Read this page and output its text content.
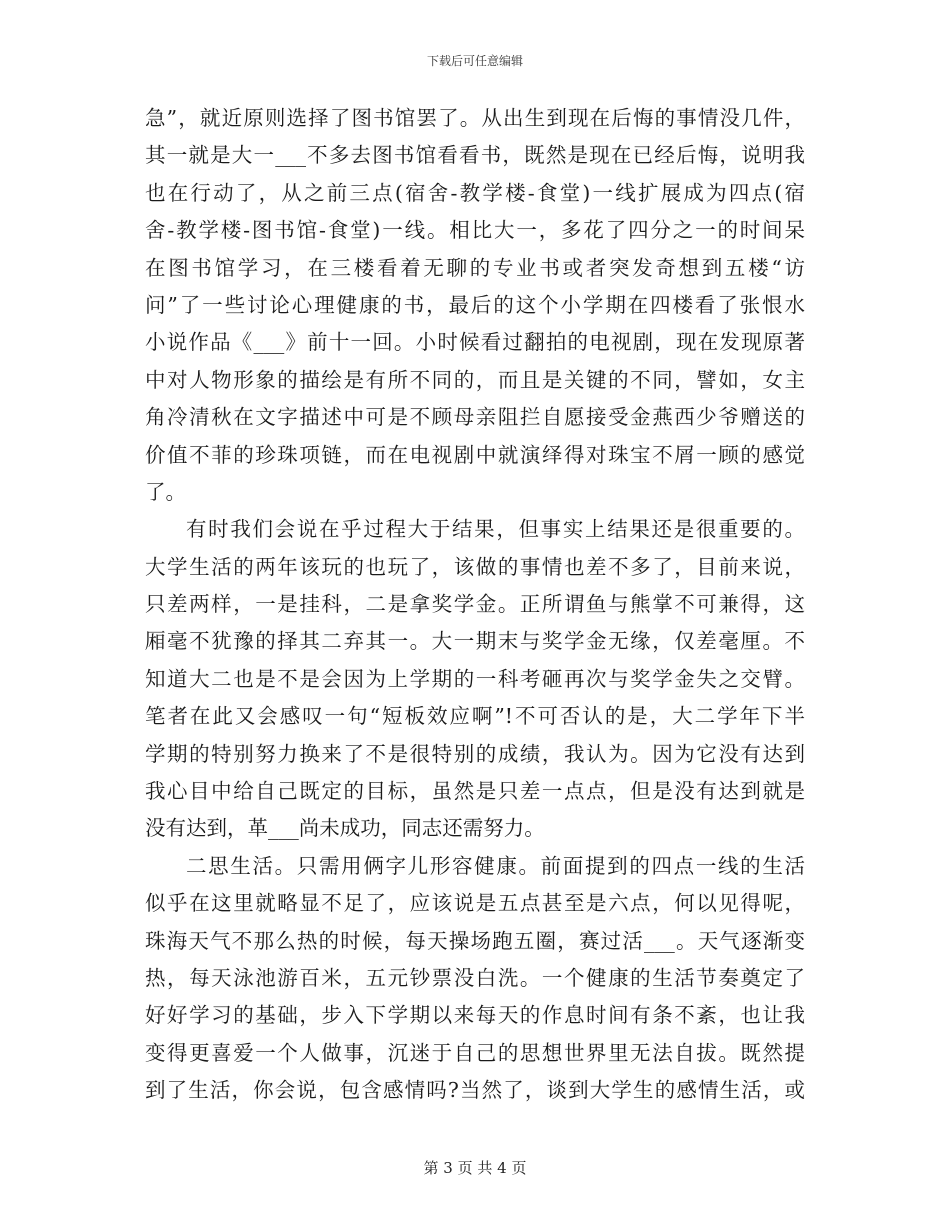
下载后可任意编辑
急”，就近原则选择了图书馆罢了。从出生到现在后悔的事情没几件，
其一就是大一___不多去图书馆看看书，既然是现在已经后悔，说明我
也在行动了，从之前三点(宿舍-教学楼-食堂)一线扩展成为四点(宿
舍-教学楼-图书馆-食堂)一线。相比大一，多花了四分之一的时间呆
在图书馆学习，在三楼看着无聊的专业书或者突发奇想到五楼“访
问”了一些讨论心理健康的书，最后的这个小学期在四楼看了张恨水
小说作品《___》前十一回。小时候看过翻拍的电视剧，现在发现原著
中对人物形象的描绘是有所不同的，而且是关键的不同，譬如，女主
角冷清秋在文字描述中可是不顾母亲阻拦自愿接受金燕西少爷赠送的
价值不菲的珍珠项链，而在电视剧中就演绎得对珠宝不屑一顾的感觉
了。
有时我们会说在乎过程大于结果，但事实上结果还是很重要的。
大学生活的两年该玩的也玩了，该做的事情也差不多了，目前来说，
只差两样，一是挂科，二是拿奖学金。正所谓鱼与熊掌不可兼得，这
厢毫不犹豫的择其二弃其一。大一期末与奖学金无缘，仅差毫厘。不
知道大二也是不是会因为上学期的一科考砸再次与奖学金失之交臂。
笔者在此又会感叹一句“短板效应啊”!不可否认的是，大二学年下半
学期的特别努力换来了不是很特别的成绩，我认为。因为它没有达到
我心目中给自己既定的目标，虽然是只差一点点，但是没有达到就是
没有达到，革___尚未成功，同志还需努力。
二思生活。只需用俩字儿形容健康。前面提到的四点一线的生活
似乎在这里就略显不足了，应该说是五点甚至是六点，何以见得呢，
珠海天气不那么热的时候，每天操场跑五圈，赛过活___。天气逐渐变
热，每天泳池游百米，五元钞票没白洗。一个健康的生活节奏奠定了
好好学习的基础，步入下学期以来每天的作息时间有条不紊，也让我
变得更喜爱一个人做事，沉迷于自己的思想世界里无法自拔。既然提
到了生活，你会说，包含感情吗?当然了，谈到大学生的感情生活，或
第 3 页 共 4 页
